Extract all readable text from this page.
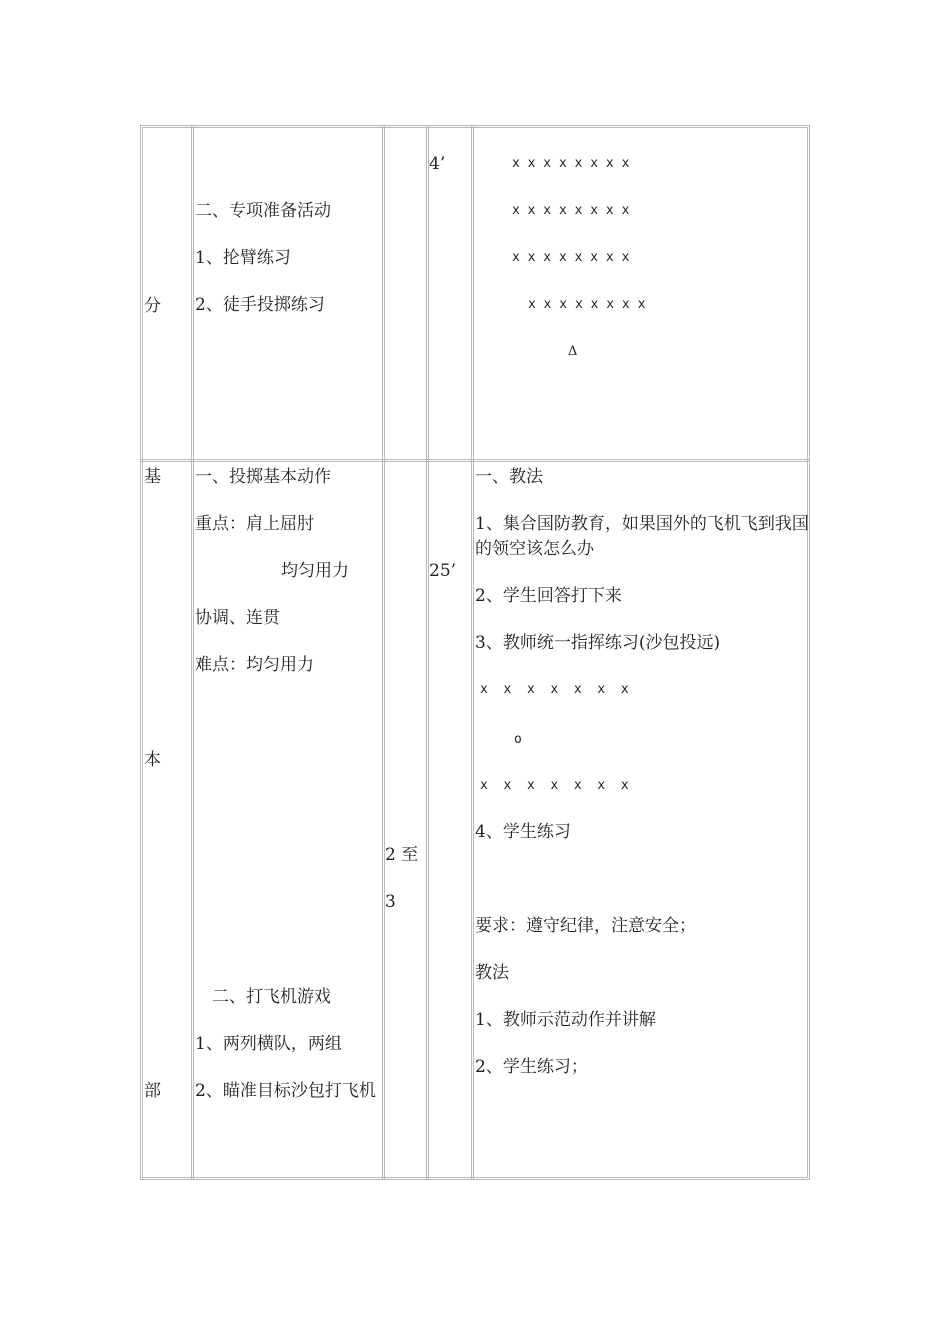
分
二、专项准备活动
1、抡臂练习
2、徒手投掷练习
4’	x x x x x x x x
x x x x x x x x
x x x x x x x x
x x x x x x x x
Δ
基
本
部
一、投掷基本动作
重点：肩上屈肘
均匀用力
协调、连贯
难点：均匀用力
二、打飞机游戏
1、两列横队，两组
2、瞄准目标沙包打飞机
2 至
3
25’
一、教法
1、集合国防教育，如果国外的飞机飞到我国的领空该怎么办
2、学生回答打下来
3、教师统一指挥练习(沙包投远)
x  x  x  x  x  x  x
o
x  x  x  x  x  x  x
4、学生练习
要求：遵守纪律，注意安全；
教法
1、教师示范动作并讲解
2、学生练习；
